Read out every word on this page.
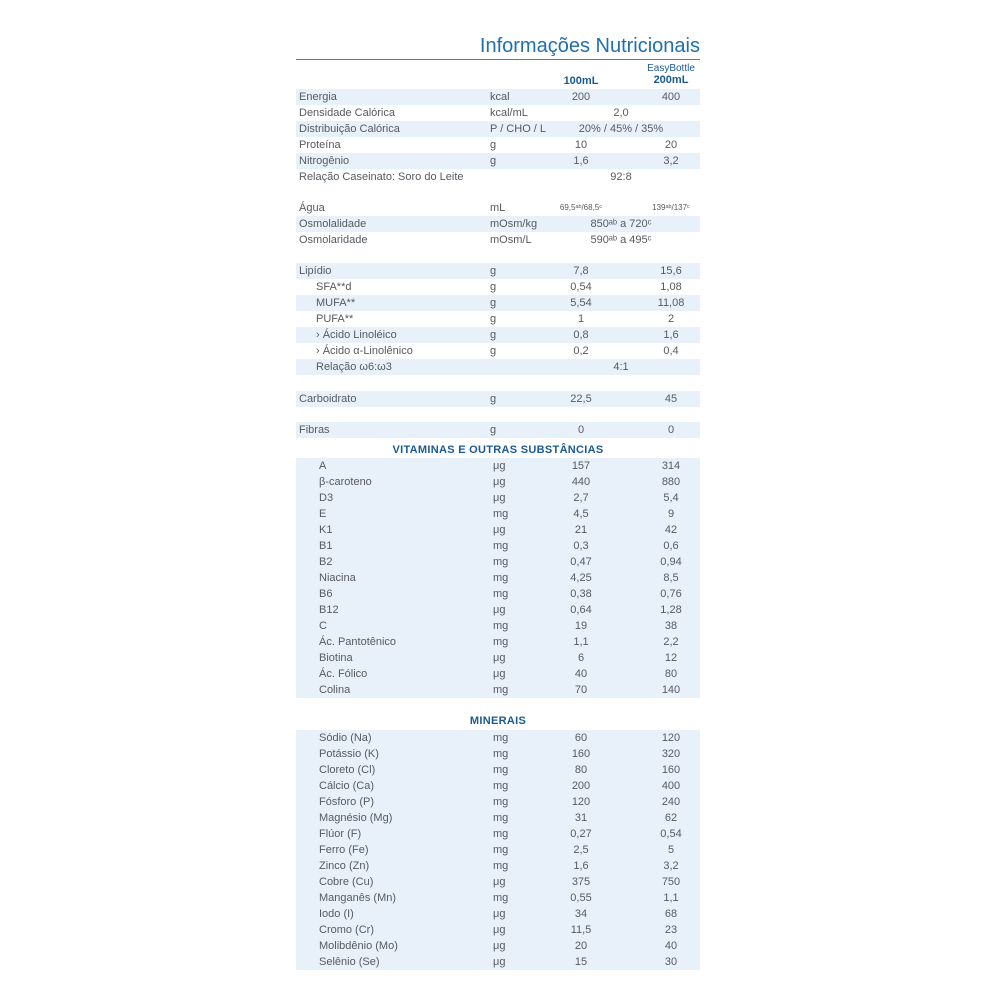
Informações Nutricionais
100mL
EasyBottle
200mL
Energia	kcal	200	400
Densidade Calórica	kcal/mL	2,0
Distribuição Calórica	P / CHO / L	20% / 45% / 35%
Proteína	g	10	20
Nitrogênio	g	1,6	3,2
Relação Caseinato: Soro do Leite	92:8
Água	mL	69,5ᵃᵇ/68,5ᶜ	139ᵃᵇ/137ᶜ
Osmolalidade	mOsm/kg	850ᵃᵇ a 720ᶜ
Osmolaridade	mOsm/L	590ᵃᵇ a 495ᶜ
Lipídio	g	7,8	15,6
SFA**d	g	0,54	1,08
MUFA**	g	5,54	11,08
PUFA**	g	1	2
› Ácido Linoléico	g	0,8	1,6
› Ácido α-Linolênico	g	0,2	0,4
Relação ω6:ω3	4:1
Carboidrato	g	22,5	45
Fibras	g	0	0
VITAMINAS E OUTRAS SUBSTÂNCIAS
A	μg	157	314
β-caroteno	μg	440	880
D3	μg	2,7	5,4
E	mg	4,5	9
K1	μg	21	42
B1	mg	0,3	0,6
B2	mg	0,47	0,94
Niacina	mg	4,25	8,5
B6	mg	0,38	0,76
B12	μg	0,64	1,28
C	mg	19	38
Ác. Pantotênico	mg	1,1	2,2
Biotina	μg	6	12
Ác. Fólico	μg	40	80
Colina	mg	70	140
MINERAIS
Sódio (Na)	mg	60	120
Potássio (K)	mg	160	320
Cloreto (Cl)	mg	80	160
Cálcio (Ca)	mg	200	400
Fósforo (P)	mg	120	240
Magnésio (Mg)	mg	31	62
Flúor (F)	mg	0,27	0,54
Ferro (Fe)	mg	2,5	5
Zinco (Zn)	mg	1,6	3,2
Cobre (Cu)	μg	375	750
Manganês (Mn)	mg	0,55	1,1
Iodo (I)	μg	34	68
Cromo (Cr)	μg	11,5	23
Molibdênio (Mo)	μg	20	40
Selênio (Se)	μg	15	30
